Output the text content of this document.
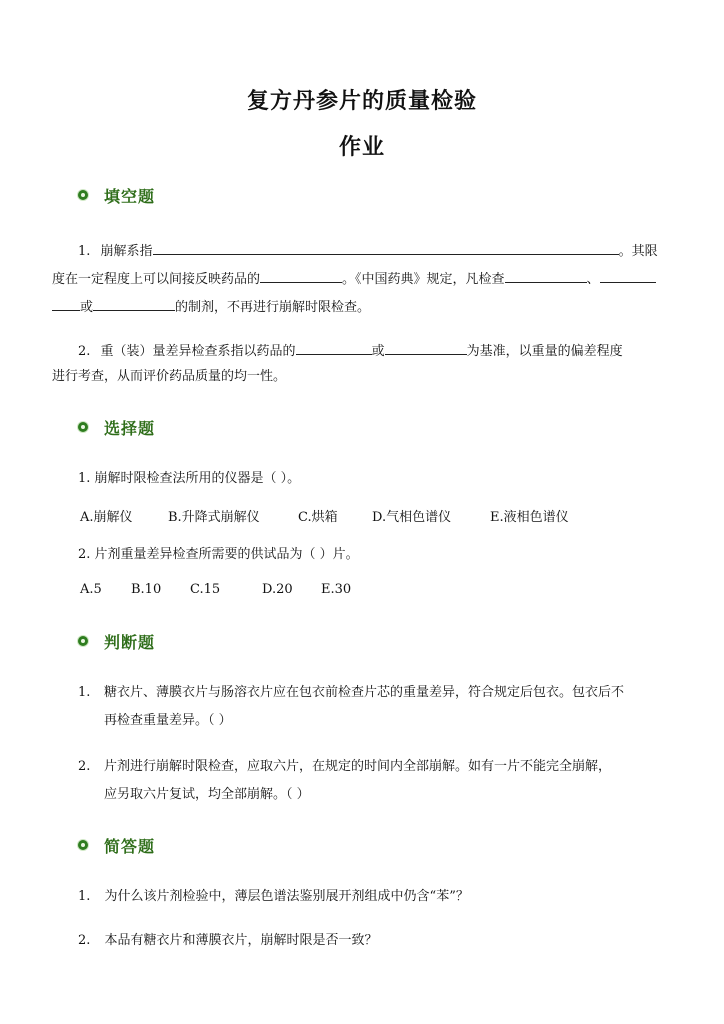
复方丹参片的质量检验
作业
填空题
1. 崩解系指	。其限
度在一定程度上可以间接反映药品的	。《中国药典》规定，凡检查	、
或	的制剂，不再进行崩解时限检查。
2. 重（装）量差异检查系指以药品的	或	为基准，以重量的偏差程度
进行考查，从而评价药品质量的均一性。
选择题
1. 崩解时限检查法所用的仪器是（ ）。
A.崩解仪	B.升降式崩解仪	C.烘箱	D.气相色谱仪	E.液相色谱仪
2. 片剂重量差异检查所需要的供试品为（ ）片。
A.5 B.10 C.15	D.20 E.30
判断题
1. 糖衣片、薄膜衣片与肠溶衣片应在包衣前检查片芯的重量差异，符合规定后包衣。包衣后不
再检查重量差异。（ ）
2. 片剂进行崩解时限检查，应取六片，在规定的时间内全部崩解。如有一片不能完全崩解，
应另取六片复试，均全部崩解。（ ）
简答题
1. 为什么该片剂检验中，薄层色谱法鉴别展开剂组成中仍含“苯”？
2. 本品有糖衣片和薄膜衣片，崩解时限是否一致？
